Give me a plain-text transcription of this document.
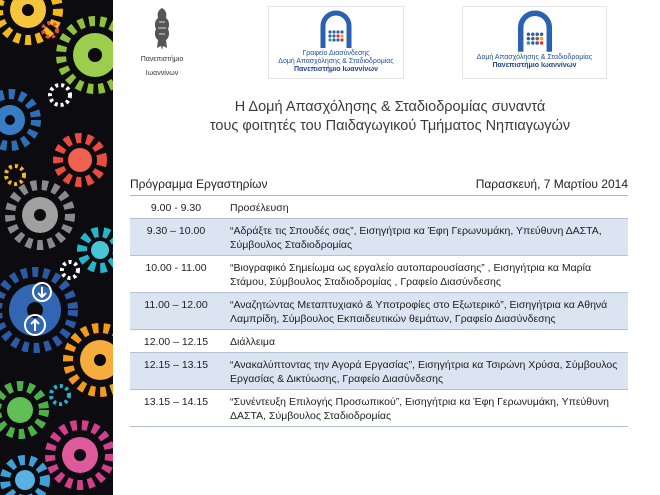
Πανεπιστήμιο
Ιωαννίνων
Γραφείο Διασύνδεσης
Δομή Απασχόλησης & Σταδιοδρομίας
Πανεπιστήμιο Ιωαννίνων
Δομή Απασχόλησης & Σταδιοδρομίας
Πανεπιστήμιο Ιωαννίνων
Η Δομή Απασχόλησης & Σταδιοδρομίας συναντά
τους φοιτητές του Παιδαγωγικού Τμήματος Νηπιαγωγών
Πρόγραμμα Εργαστηρίων	Παρασκευή, 7 Μαρτίου 2014
9.00 - 9.30	Προσέλευση
9.30 – 10.00	“Αδράξτε τις Σπουδές σας”, Εισηγήτρια κα Έφη Γερωνυμάκη, Υπεύθυνη ΔΑΣΤΑ, Σύμβουλος Σταδιοδρομίας
10.00 - 11.00	“Βιογραφικό Σημείωμα ως εργαλείο αυτοπαρουσίασης” , Εισηγήτρια κα Μαρία Στάμου, Σύμβουλος Σταδιοδρομίας , Γραφείο Διασύνδεσης
11.00 – 12.00	“Αναζητώντας Μεταπτυχιακό & Υποτροφίες στο Εξωτερικό”, Εισηγήτρια κα Αθηνά Λαμπρίδη, Σύμβουλος Εκπαιδευτικών θεμάτων, Γραφείο Διασύνδεσης
12.00 – 12.15	Διάλλειμα
12.15 – 13.15	“Ανακαλύπτοντας την Αγορά Εργασίας”, Εισηγήτρια κα Τσιρώνη Χρύσα, Σύμβουλος Εργασίας & Δικτύωσης, Γραφείο Διασύνδεσης
13.15 – 14.15	“Συνέντευξη Επιλογής Προσωπικού”, Εισηγήτρια κα Έφη Γερωνυμάκη, Υπεύθυνη ΔΑΣΤΑ, Σύμβουλος Σταδιοδρομίας
